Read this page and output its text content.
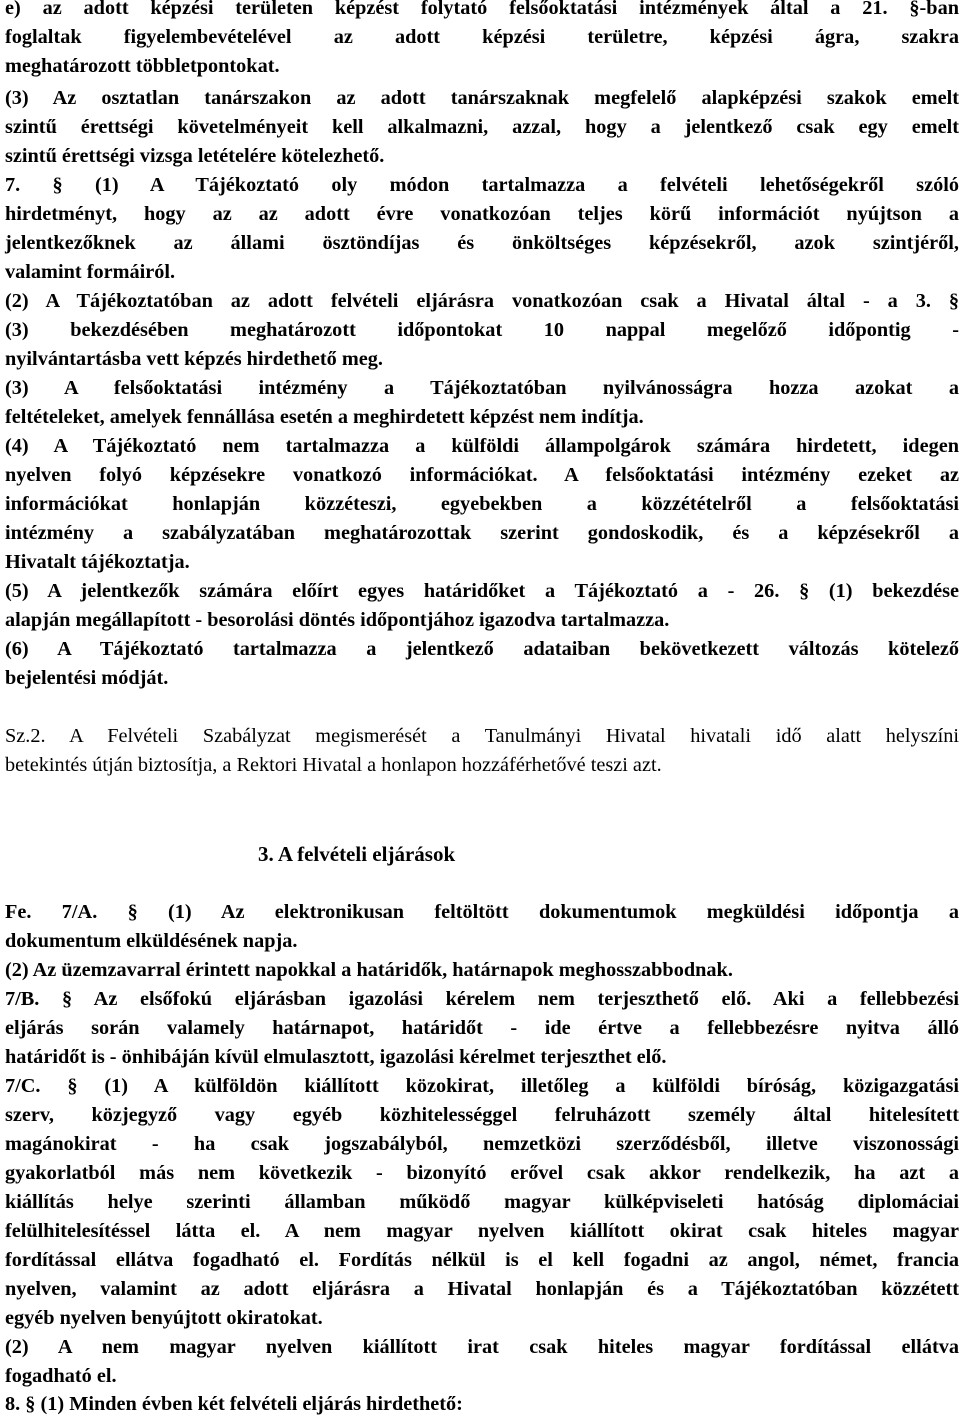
e) az adott képzési területen képzést folytató felsőoktatási intézmények által a 21. §-ban
foglaltak figyelembevételével az adott képzési területre, képzési ágra, szakra
meghatározott többletpontokat.
(3) Az osztatlan tanárszakon az adott tanárszaknak megfelelő alapképzési szakok emelt
szintű érettségi követelményeit kell alkalmazni, azzal, hogy a jelentkező csak egy emelt
szintű érettségi vizsga letételére kötelezhető.
7. § (1) A Tájékoztató oly módon tartalmazza a felvételi lehetőségekről szóló
hirdetményt, hogy az az adott évre vonatkozóan teljes körű információt nyújtson a
jelentkezőknek az állami ösztöndíjas és önköltséges képzésekről, azok szintjéről,
valamint formáiról.
(2) A Tájékoztatóban az adott felvételi eljárásra vonatkozóan csak a Hivatal által - a 3. §
(3) bekezdésében meghatározott időpontokat 10 nappal megelőző időpontig -
nyilvántartásba vett képzés hirdethető meg.
(3) A felsőoktatási intézmény a Tájékoztatóban nyilvánosságra hozza azokat a
feltételeket, amelyek fennállása esetén a meghirdetett képzést nem indítja.
(4) A Tájékoztató nem tartalmazza a külföldi állampolgárok számára hirdetett, idegen
nyelven folyó képzésekre vonatkozó információkat. A felsőoktatási intézmény ezeket az
információkat honlapján közzéteszi, egyebekben a közzétételről a felsőoktatási
intézmény a szabályzatában meghatározottak szerint gondoskodik, és a képzésekről a
Hivatalt tájékoztatja.
(5) A jelentkezők számára előírt egyes határidőket a Tájékoztató a - 26. § (1) bekezdése
alapján megállapított - besorolási döntés időpontjához igazodva tartalmazza.
(6) A Tájékoztató tartalmazza a jelentkező adataiban bekövetkezett változás kötelező
bejelentési módját.
Sz.2. A Felvételi Szabályzat megismerését a Tanulmányi Hivatal hivatali idő alatt helyszíni
betekintés útján biztosítja, a Rektori Hivatal a honlapon hozzáférhetővé teszi azt.
3. A felvételi eljárások
Fe. 7/A. § (1) Az elektronikusan feltöltött dokumentumok megküldési időpontja a
dokumentum elküldésének napja.
(2) Az üzemzavarral érintett napokkal a határidők, határnapok meghosszabbodnak.
7/B. § Az elsőfokú eljárásban igazolási kérelem nem terjeszthető elő. Aki a fellebbezési
eljárás során valamely határnapot, határidőt - ide értve a fellebbezésre nyitva álló
határidőt is - önhibáján kívül elmulasztott, igazolási kérelmet terjeszthet elő.
7/C. § (1) A külföldön kiállított közokirat, illetőleg a külföldi bíróság, közigazgatási
szerv, közjegyző vagy egyéb közhitelességgel felruházott személy által hitelesített
magánokirat - ha csak jogszabályból, nemzetközi szerződésből, illetve viszonossági
gyakorlatból más nem következik - bizonyító erővel csak akkor rendelkezik, ha azt a
kiállítás helye szerinti államban működő magyar külképviseleti hatóság diplomáciai
felülhitelesítéssel látta el. A nem magyar nyelven kiállított okirat csak hiteles magyar
fordítással ellátva fogadható el. Fordítás nélkül is el kell fogadni az angol, német, francia
nyelven, valamint az adott eljárásra a Hivatal honlapján és a Tájékoztatóban közzétett
egyéb nyelven benyújtott okiratokat.
(2) A nem magyar nyelven kiállított irat csak hiteles magyar fordítással ellátva
fogadható el.
8. § (1) Minden évben két felvételi eljárás hirdethető:
